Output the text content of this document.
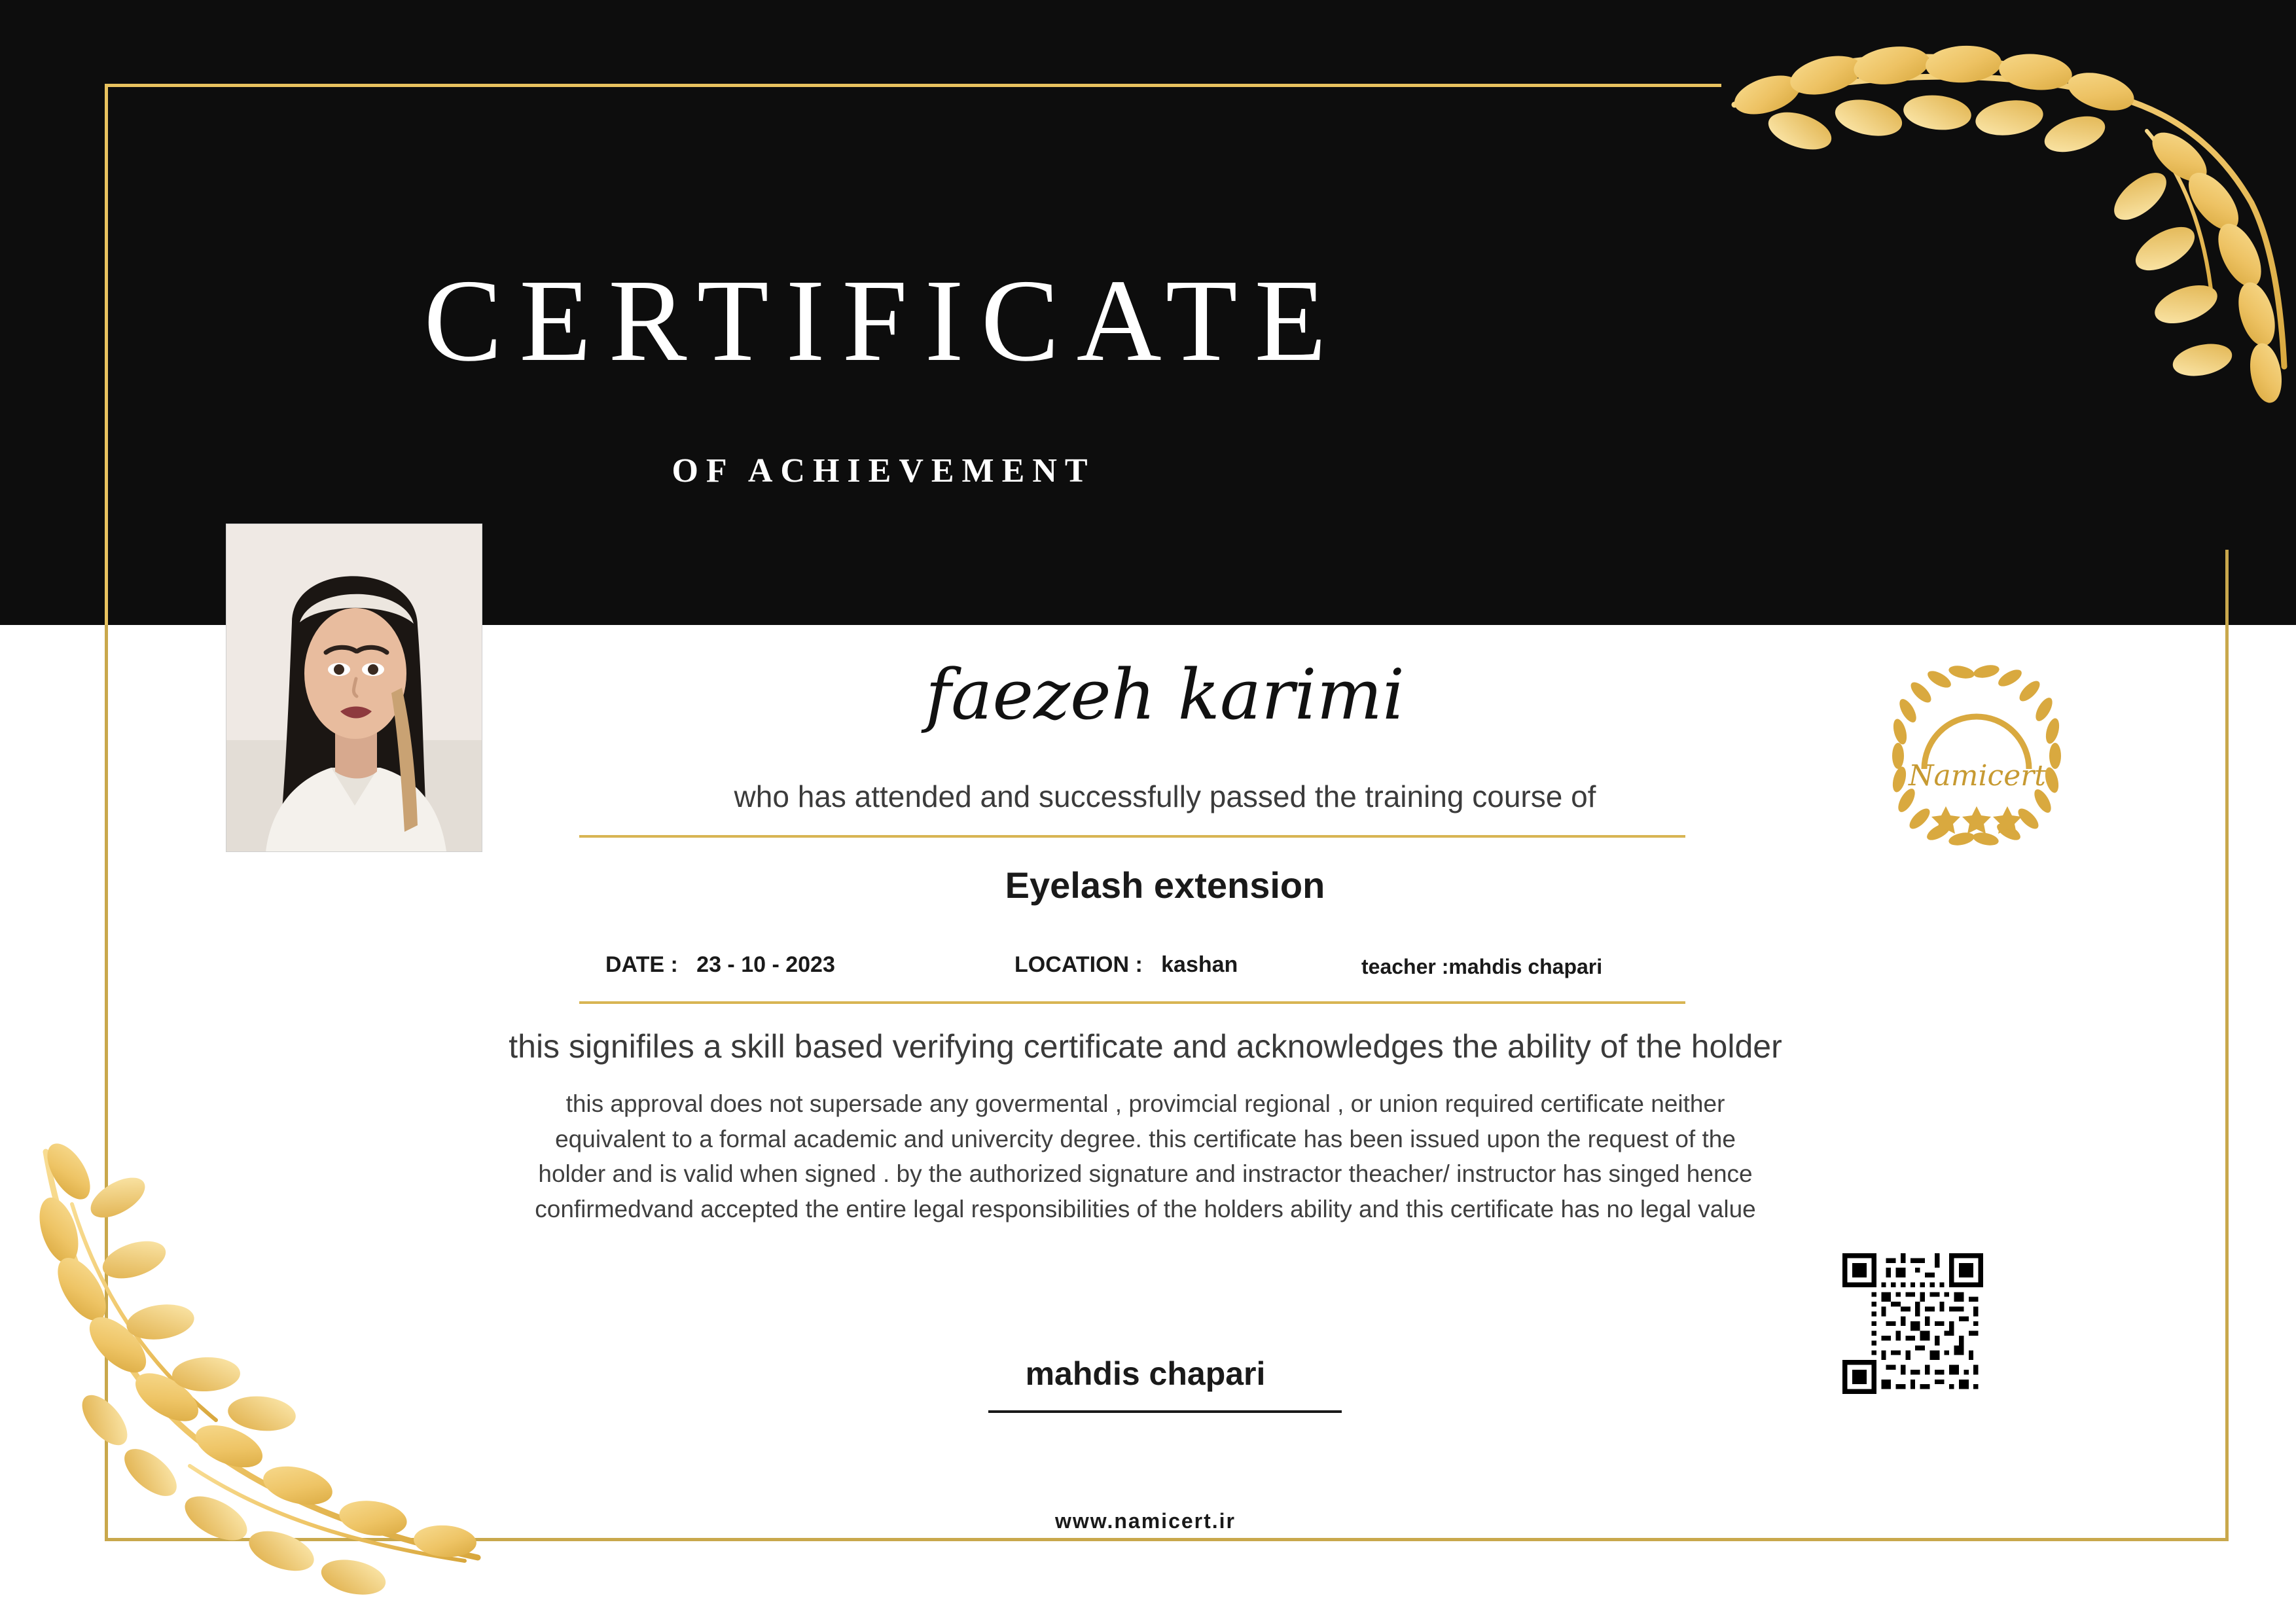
CERTIFICATE
OF ACHIEVEMENT
faezeh karimi
who has attended and successfully passed the training course of
Eyelash extension
DATE : 23 - 10 - 2023	LOCATION : kashan	teacher :mahdis chapari
this signifiles a skill based verifying certificate and acknowledges the ability of the holder
this approval does not supersade any govermental , provimcial regional , or union required certificate neither equivalent to a formal academic and univercity degree. this certificate has been issued upon the request of the holder and is valid when signed . by the authorized signature and instractor theacher/ instructor has singed hence confirmedvand accepted the entire legal responsibilities of the holders ability and this certificate has no legal value
mahdis chapari
Namicert
www.namicert.ir
